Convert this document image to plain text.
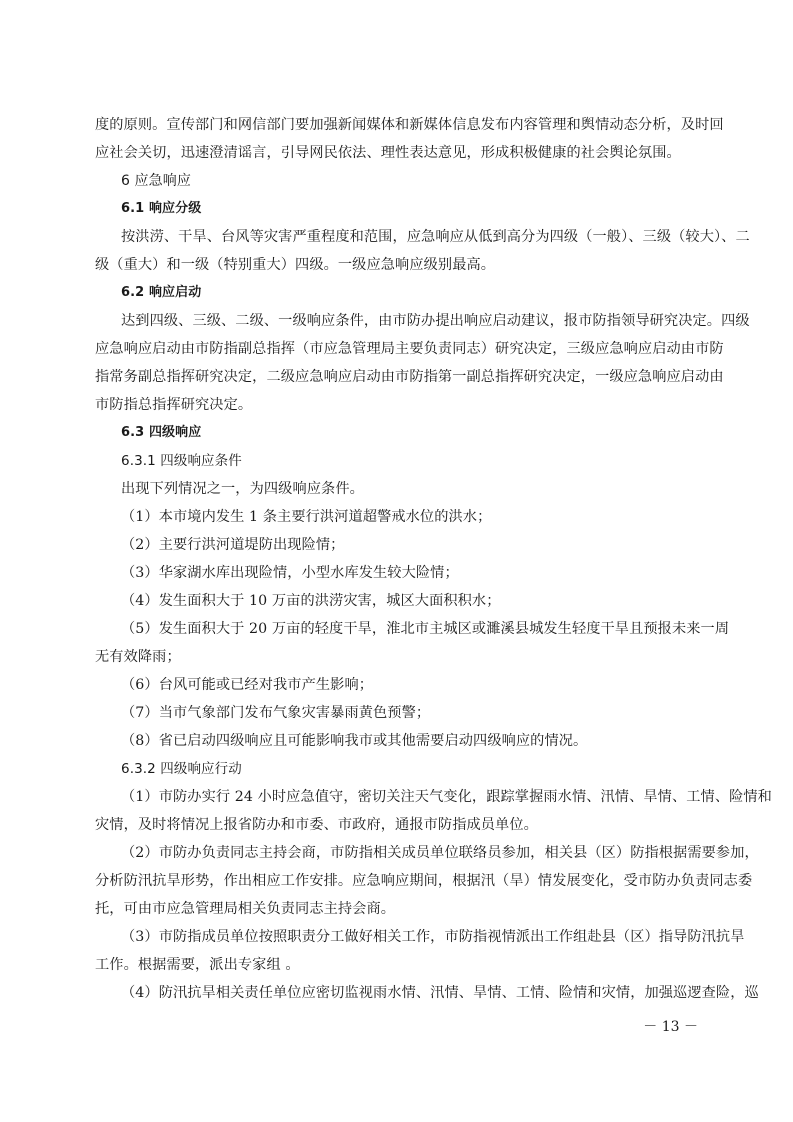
度的原则。宣传部门和网信部门要加强新闻媒体和新媒体信息发布内容管理和舆情动态分析，及时回
应社会关切，迅速澄清谣言，引导网民依法、理性表达意见，形成积极健康的社会舆论氛围。
6 应急响应
6.1 响应分级
按洪涝、干旱、台风等灾害严重程度和范围，应急响应从低到高分为四级（一般）、三级（较大）、二
级（重大）和一级（特别重大）四级。一级应急响应级别最高。
6.2 响应启动
达到四级、三级、二级、一级响应条件，由市防办提出响应启动建议，报市防指领导研究决定。四级
应急响应启动由市防指副总指挥（市应急管理局主要负责同志）研究决定，三级应急响应启动由市防
指常务副总指挥研究决定，二级应急响应启动由市防指第一副总指挥研究决定，一级应急响应启动由
市防指总指挥研究决定。
6.3 四级响应
6.3.1 四级响应条件
出现下列情况之一，为四级响应条件。
（1）本市境内发生 1 条主要行洪河道超警戒水位的洪水；
（2）主要行洪河道堤防出现险情；
（3）华家湖水库出现险情，小型水库发生较大险情；
（4）发生面积大于 10 万亩的洪涝灾害，城区大面积积水；
（5）发生面积大于 20 万亩的轻度干旱，淮北市主城区或濉溪县城发生轻度干旱且预报未来一周
无有效降雨；
（6）台风可能或已经对我市产生影响；
（7）当市气象部门发布气象灾害暴雨黄色预警；
（8）省已启动四级响应且可能影响我市或其他需要启动四级响应的情况。
6.3.2 四级响应行动
（1）市防办实行 24 小时应急值守，密切关注天气变化，跟踪掌握雨水情、汛情、旱情、工情、险情和
灾情，及时将情况上报省防办和市委、市政府，通报市防指成员单位。
（2）市防办负责同志主持会商，市防指相关成员单位联络员参加，相关县（区）防指根据需要参加，
分析防汛抗旱形势，作出相应工作安排。应急响应期间，根据汛（旱）情发展变化，受市防办负责同志委
托，可由市应急管理局相关负责同志主持会商。
（3）市防指成员单位按照职责分工做好相关工作，市防指视情派出工作组赴县（区）指导防汛抗旱
工作。根据需要，派出专家组 。
（4）防汛抗旱相关责任单位应密切监视雨水情、汛情、旱情、工情、险情和灾情，加强巡逻查险，巡
－ 13 －
